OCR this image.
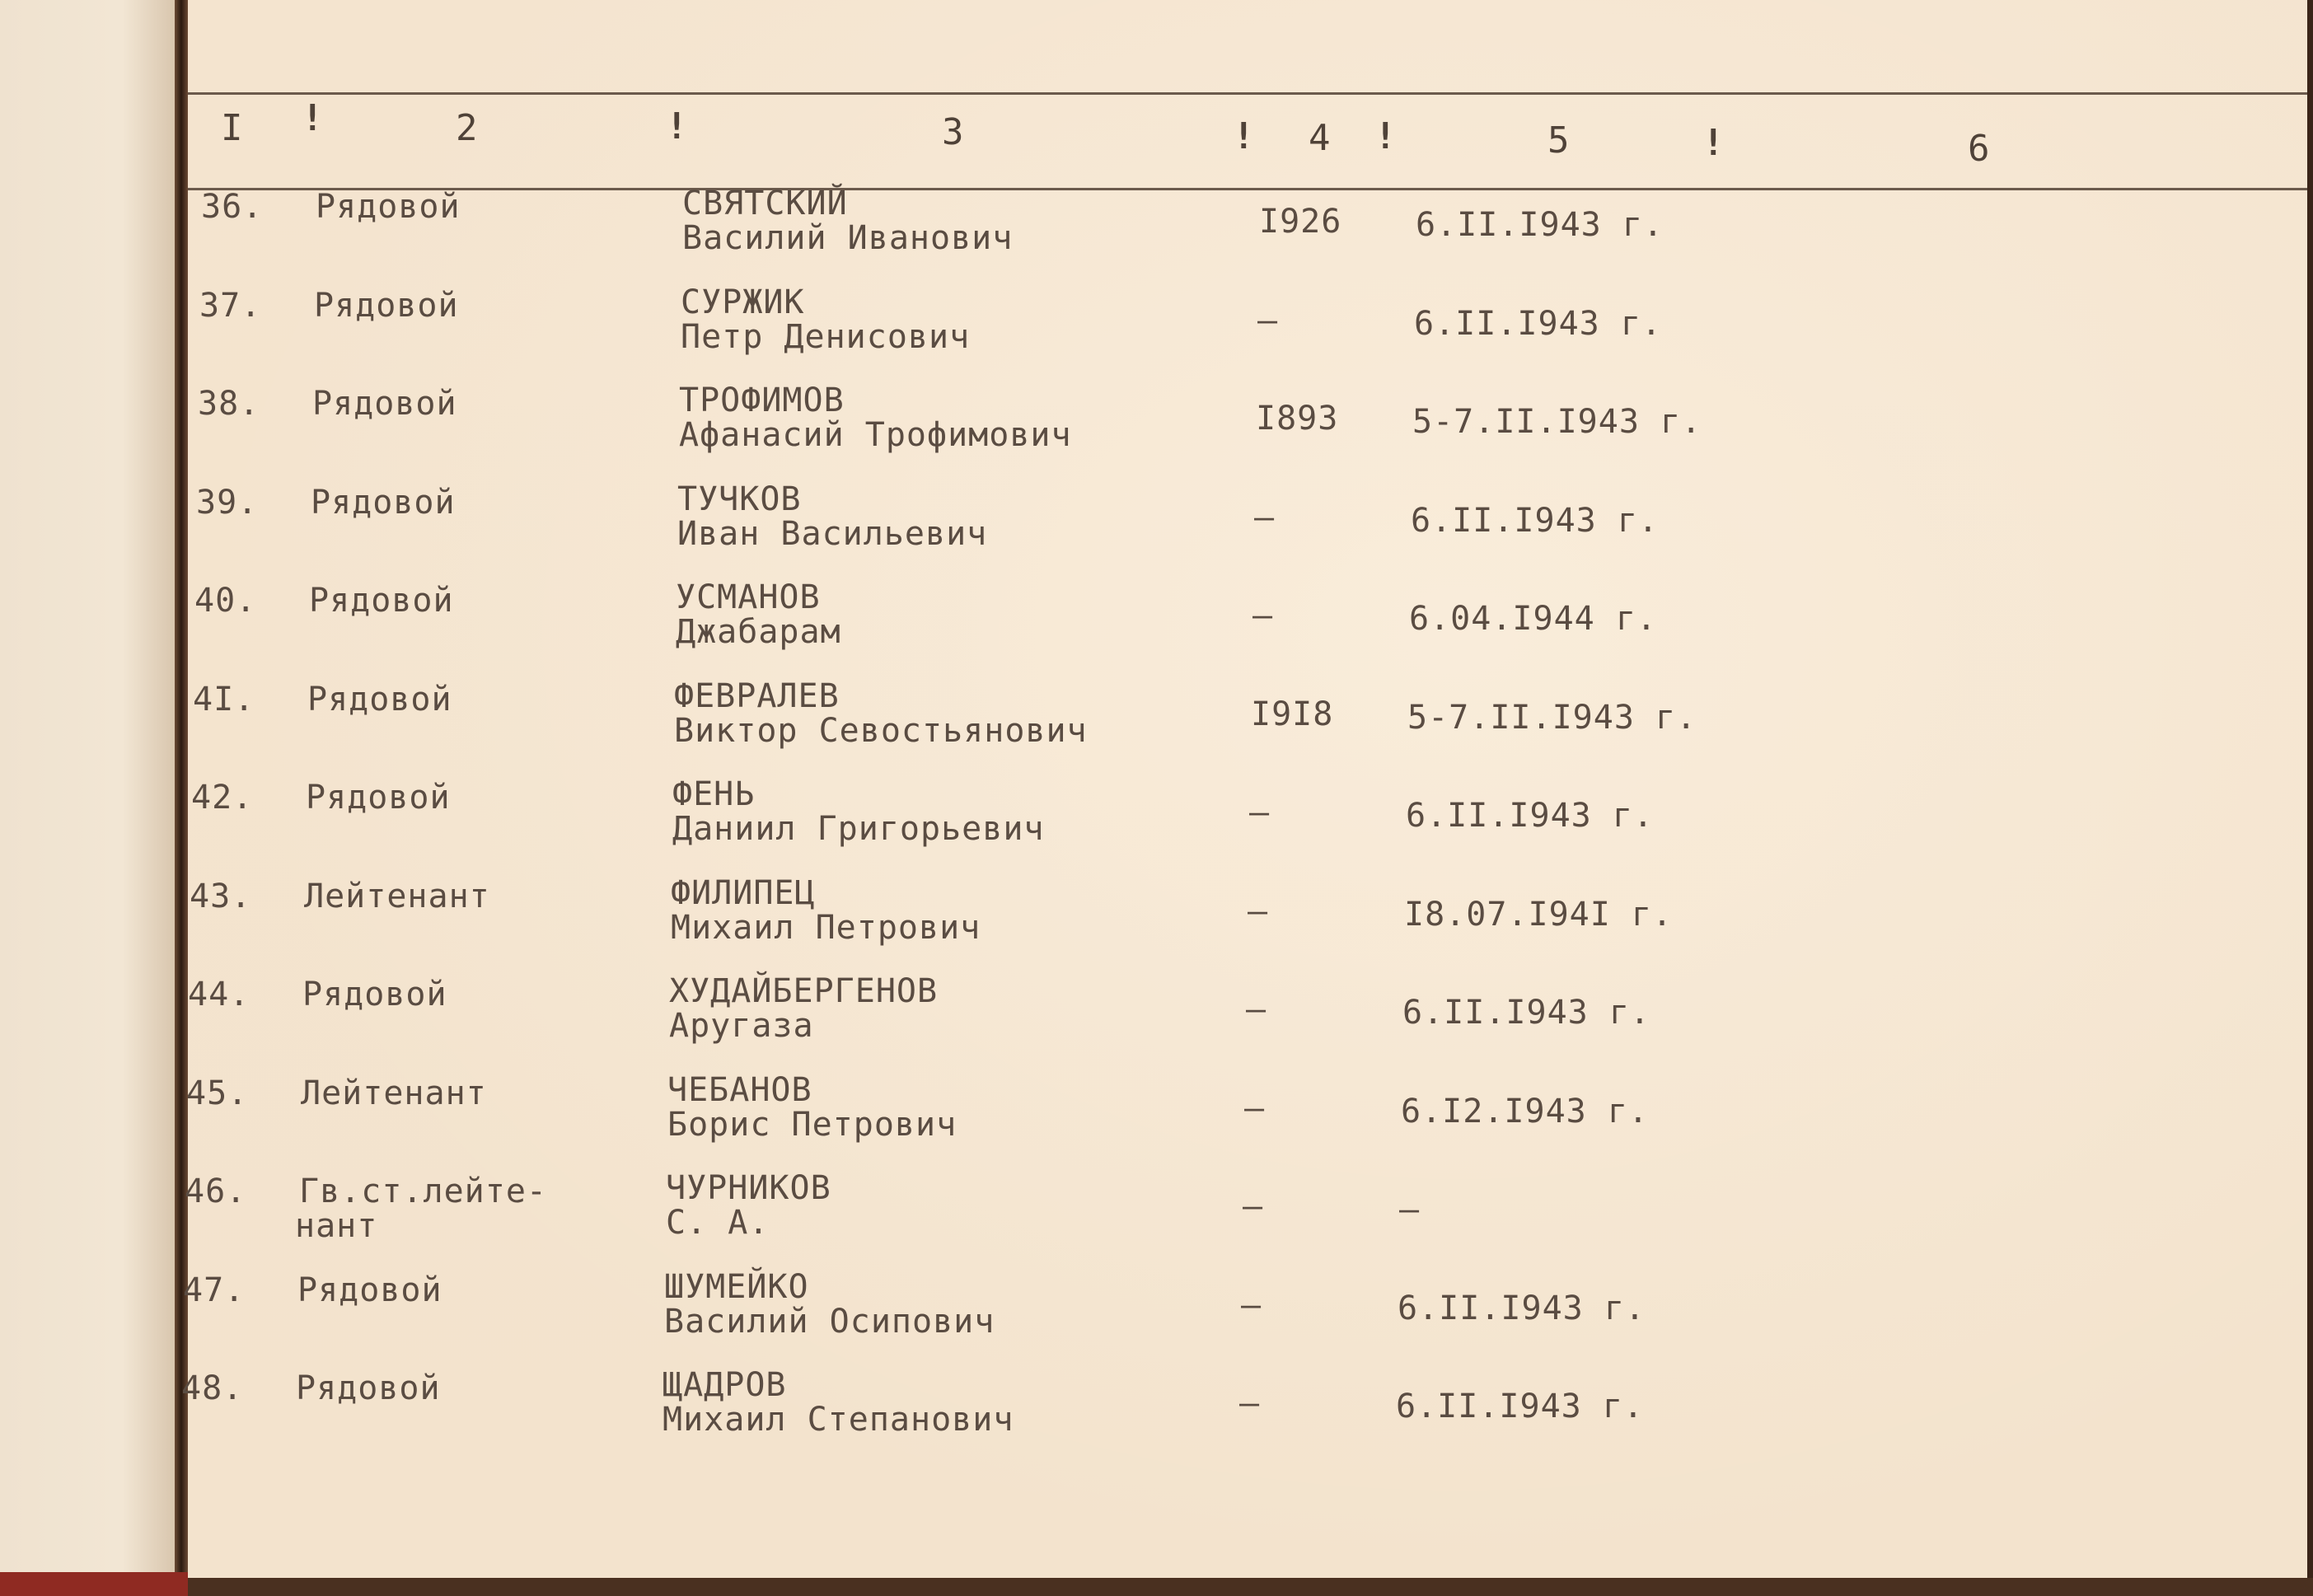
I !	2	!	3	! 4 !	5	!	6
36. Рядовой	СВЯТСКИЙ
Василий Иванович	I926 6.II.I943 г.
37. Рядовой	СУРЖИК
Петр Денисович	—	6.II.I943 г.
38. Рядовой	ТРОФИМОВ
Афанасий Трофимович	I893 5-7.II.I943 г.
39. Рядовой	ТУЧКОВ
Иван Васильевич	—	6.II.I943 г.
40. Рядовой	УСМАНОВ
Джабарам	—	6.04.I944 г.
4I. Рядовой	ФЕВРАЛЕВ
Виктор Севостьянович	I9I8 5-7.II.I943 г.
42. Рядовой	ФЕНЬ
Даниил Григорьевич	—	6.II.I943 г.
43. Лейтенант	ФИЛИПЕЦ
Михаил Петрович	—	I8.07.I94I г.
44. Рядовой	ХУДАЙБЕРГЕНОВ
Аругаза	—	6.II.I943 г.
45. Лейтенант	ЧЕБАНОВ
Борис Петрович	—	6.I2.I943 г.
46. Гв.ст.лейте-
нант
ЧУРНИКОВ
С. А.	—	—
47. Рядовой	ШУМЕЙКО
Василий Осипович	—	6.II.I943 г.
48. Рядовой	ЩАДРОВ
Михаил Степанович	—	6.II.I943 г.
